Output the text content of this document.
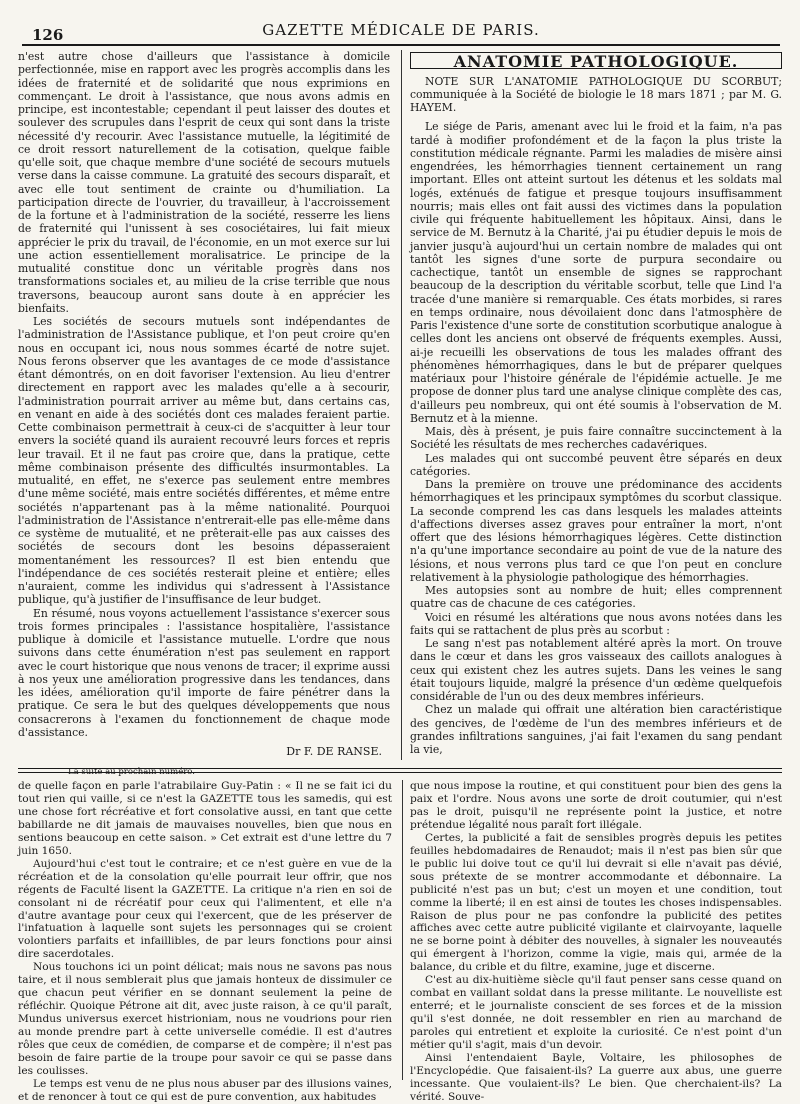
126	GAZETTE MÉDICALE DE PARIS.

n'est autre chose d'ailleurs que l'assistance à domicile perfectionnée, mise en rapport avec les progrès accomplis dans les idées de fraternité et de solidarité que nous exprimions en commençant. Le droit à l'assistance, que nous avons admis en principe, est incontestable; cependant il peut laisser des doutes et soulever des scrupules dans l'esprit de ceux qui sont dans la triste nécessité d'y recourir. Avec l'assistance mutuelle, la légitimité de ce droit ressort naturellement de la cotisation, quelque faible qu'elle soit, que chaque membre d'une société de secours mutuels verse dans la caisse commune. La gratuité des secours disparaît, et avec elle tout sentiment de crainte ou d'humiliation. La participation directe de l'ouvrier, du travailleur, à l'accroissement de la fortune et à l'administration de la société, resserre les liens de fraternité qui l'unissent à ses cosociétaires, lui fait mieux apprécier le prix du travail, de l'économie, en un mot exerce sur lui une action essentiellement moralisatrice. Le principe de la mutualité constitue donc un véritable progrès dans nos transformations sociales et, au milieu de la crise terrible que nous traversons, beaucoup auront sans doute à en apprécier les bienfaits.

Les sociétés de secours mutuels sont indépendantes de l'administration de l'Assistance publique, et l'on peut croire qu'en nous en occupant ici, nous nous sommes écarté de notre sujet. Nous ferons observer que les avantages de ce mode d'assistance étant démontrés, on en doit favoriser l'extension. Au lieu d'entrer directement en rapport avec les malades qu'elle a à secourir, l'administration pourrait arriver au même but, dans certains cas, en venant en aide à des sociétés dont ces malades feraient partie. Cette combinaison permettrait à ceux-ci de s'acquitter à leur tour envers la société quand ils auraient recouvré leurs forces et repris leur travail. Et il ne faut pas croire que, dans la pratique, cette même combinaison présente des difficultés insurmontables. La mutualité, en effet, ne s'exerce pas seulement entre membres d'une même société, mais entre sociétés différentes, et même entre sociétés n'appartenant pas à la même nationalité. Pourquoi l'administration de l'Assistance n'entrerait-elle pas elle-même dans ce système de mutualité, et ne prêterait-elle pas aux caisses des sociétés de secours dont les besoins dépasseraient momentanément les ressources? Il est bien entendu que l'indépendance de ces sociétés resterait pleine et entière; elles n'auraient, comme les individus qui s'adressent à l'Assistance publique, qu'à justifier de l'insuffisance de leur budget.

En résumé, nous voyons actuellement l'assistance s'exercer sous trois formes principales : l'assistance hospitalière, l'assistance publique à domicile et l'assistance mutuelle. L'ordre que nous suivons dans cette énumération n'est pas seulement en rapport avec le court historique que nous venons de tracer; il exprime aussi à nos yeux une amélioration progressive dans les tendances, dans les idées, amélioration qu'il importe de faire pénétrer dans la pratique. Ce sera le but des quelques développements que nous consacrerons à l'examen du fonctionnement de chaque mode d'assistance.

Dr F. DE RANSE.
La suite au prochain numéro.
ANATOMIE PATHOLOGIQUE.

NOTE SUR L'ANATOMIE PATHOLOGIQUE DU SCORBUT; communiquée à la Société de biologie le 18 mars 1871 ; par M. G. HAYEM.

Le siége de Paris, amenant avec lui le froid et la faim, n'a pas tardé à modifier profondément et de la façon la plus triste la constitution médicale régnante. Parmi les maladies de misère ainsi engendrées, les hémorrhagies tiennent certainement un rang important. Elles ont atteint surtout les détenus et les soldats mal logés, exténués de fatigue et presque toujours insuffisamment nourris; mais elles ont fait aussi des victimes dans la population civile qui fréquente habituellement les hôpitaux. Ainsi, dans le service de M. Bernutz à la Charité, j'ai pu étudier depuis le mois de janvier jusqu'à aujourd'hui un certain nombre de malades qui ont tantôt les signes d'une sorte de purpura secondaire ou cachectique, tantôt un ensemble de signes se rapprochant beaucoup de la description du véritable scorbut, telle que Lind l'a tracée d'une manière si remarquable. Ces états morbides, si rares en temps ordinaire, nous dévoilaient donc dans l'atmosphère de Paris l'existence d'une sorte de constitution scorbutique analogue à celles dont les anciens ont observé de fréquents exemples. Aussi, ai-je recueilli les observations de tous les malades offrant des phénomènes hémorrhagiques, dans le but de préparer quelques matériaux pour l'histoire générale de l'épidémie actuelle. Je me propose de donner plus tard une analyse clinique complète des cas, d'ailleurs peu nombreux, qui ont été soumis à l'observation de M. Bernutz et à la mienne.

Mais, dès à présent, je puis faire connaître succinctement à la Société les résultats de mes recherches cadavériques.

Les malades qui ont succombé peuvent être séparés en deux catégories.

Dans la première on trouve une prédominance des accidents hémorrhagiques et les principaux symptômes du scorbut classique. La seconde comprend les cas dans lesquels les malades atteints d'affections diverses assez graves pour entraîner la mort, n'ont offert que des lésions hémorrhagiques légères. Cette distinction n'a qu'une importance secondaire au point de vue de la nature des lésions, et nous verrons plus tard ce que l'on peut en conclure relativement à la physiologie pathologique des hémorrhagies.

Mes autopsies sont au nombre de huit; elles comprennent quatre cas de chacune de ces catégories.

Voici en résumé les altérations que nous avons notées dans les faits qui se rattachent de plus près au scorbut :

Le sang n'est pas notablement altéré après la mort. On trouve dans le cœur et dans les gros vaisseaux des caillots analogues à ceux qui existent chez les autres sujets. Dans les veines le sang était toujours liquide, malgré la présence d'un œdème quelquefois considérable de l'un ou des deux membres inférieurs.

Chez un malade qui offrait une altération bien caractéristique des gencives, de l'œdème de l'un des membres inférieurs et de grandes infiltrations sanguines, j'ai fait l'examen du sang pendant la vie,

de quelle façon en parle l'atrabilaire Guy-Patin : « Il ne se fait ici du tout rien qui vaille, si ce n'est la GAZETTE tous les samedis, qui est une chose fort récréative et fort consolative aussi, en tant que cette babillarde ne dit jamais de mauvaises nouvelles, bien que nous en sentions beaucoup en cette saison. » Cet extrait est d'une lettre du 7 juin 1650.

Aujourd'hui c'est tout le contraire; et ce n'est guère en vue de la récréation et de la consolation qu'elle pourrait leur offrir, que nos régents de Faculté lisent la GAZETTE. La critique n'a rien en soi de consolant ni de récréatif pour ceux qui l'alimentent, et elle n'a d'autre avantage pour ceux qui l'exercent, que de les préserver de l'infatuation à laquelle sont sujets les personnages qui se croient volontiers parfaits et infaillibles, de par leurs fonctions pour ainsi dire sacerdotales.

Nous touchons ici un point délicat; mais nous ne savons pas nous taire, et il nous semblerait plus que jamais honteux de dissimuler ce que chacun peut vérifier en se donnant seulement la peine de réfléchir. Quoique Pétrone ait dit, avec juste raison, à ce qu'il paraît, Mundus universus exercet histrioniam, nous ne voudrions pour rien au monde prendre part à cette universelle comédie. Il est d'autres rôles que ceux de comédien, de comparse et de compère; il n'est pas besoin de faire partie de la troupe pour savoir ce qui se passe dans les coulisses.

Le temps est venu de ne plus nous abuser par des illusions vaines, et de renoncer à tout ce qui est de pure convention, aux habitudes

que nous impose la routine, et qui constituent pour bien des gens la paix et l'ordre. Nous avons une sorte de droit coutumier, qui n'est pas le droit, puisqu'il ne représente point la justice, et notre prétendue légalité nous paraît fort illégale.

Certes, la publicité a fait de sensibles progrès depuis les petites feuilles hebdomadaires de Renaudot; mais il n'est pas bien sûr que le public lui doive tout ce qu'il lui devrait si elle n'avait pas dévié, sous prétexte de se montrer accommodante et débonnaire. La publicité n'est pas un but; c'est un moyen et une condition, tout comme la liberté; il en est ainsi de toutes les choses indispensables. Raison de plus pour ne pas confondre la publicité des petites affiches avec cette autre publicité vigilante et clairvoyante, laquelle ne se borne point à débiter des nouvelles, à signaler les nouveautés qui émergent à l'horizon, comme la vigie, mais qui, armée de la balance, du crible et du filtre, examine, juge et discerne.

C'est au dix-huitième siècle qu'il faut penser sans cesse quand on combat en vaillant soldat dans la presse militante. Le nouvelliste est enterré; et le journaliste conscient de ses forces et de la mission qu'il s'est donnée, ne doit ressembler en rien au marchand de paroles qui entretient et exploite la curiosité. Ce n'est point d'un métier qu'il s'agit, mais d'un devoir.

Ainsi l'entendaient Bayle, Voltaire, les philosophes de l'Encyclopédie. Que faisaient-ils? La guerre aux abus, une guerre incessante. Que voulaient-ils? Le bien. Que cherchaient-ils? La vérité. Souve-
